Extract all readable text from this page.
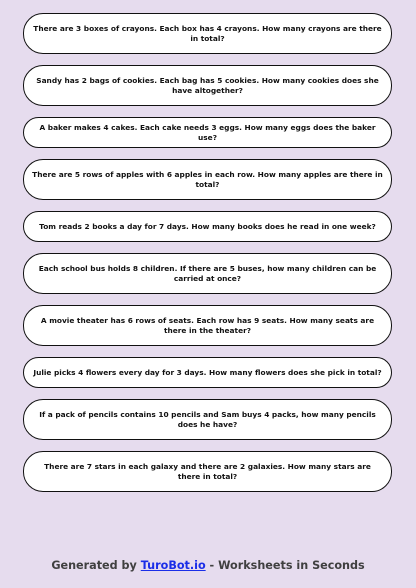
There are 3 boxes of crayons. Each box has 4 crayons. How many crayons are there in total?
Sandy has 2 bags of cookies. Each bag has 5 cookies. How many cookies does she have altogether?
A baker makes 4 cakes. Each cake needs 3 eggs. How many eggs does the baker use?
There are 5 rows of apples with 6 apples in each row. How many apples are there in total?
Tom reads 2 books a day for 7 days. How many books does he read in one week?
Each school bus holds 8 children. If there are 5 buses, how many children can be carried at once?
A movie theater has 6 rows of seats. Each row has 9 seats. How many seats are there in the theater?
Julie picks 4 flowers every day for 3 days. How many flowers does she pick in total?
If a pack of pencils contains 10 pencils and Sam buys 4 packs, how many pencils does he have?
There are 7 stars in each galaxy and there are 2 galaxies. How many stars are there in total?
Generated by TuroBot.io - Worksheets in Seconds
